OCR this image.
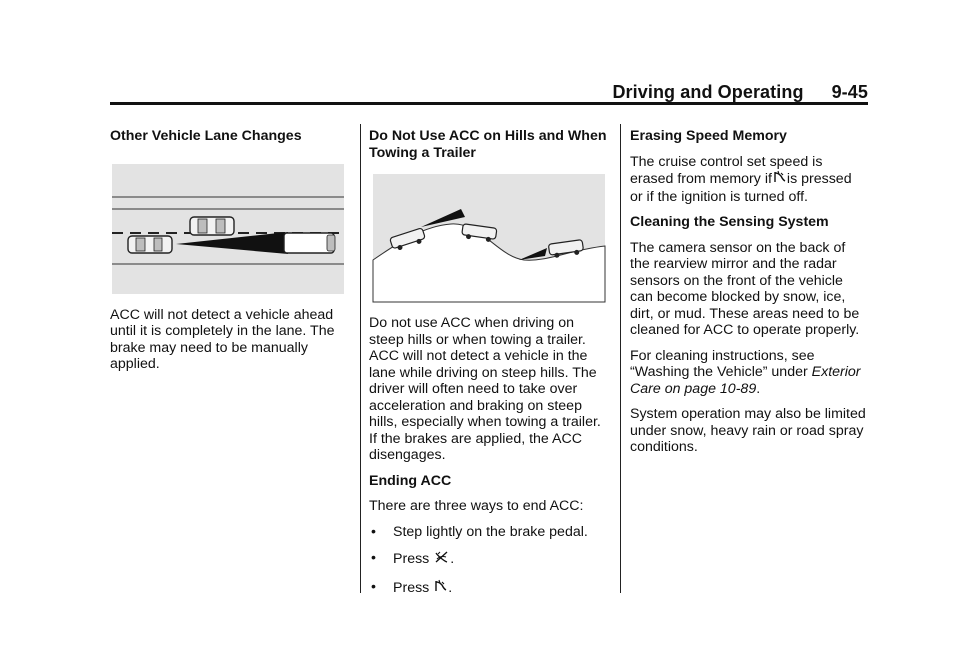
Driving and Operating 9-45
Other Vehicle Lane Changes

ACC will not detect a vehicle ahead until it is completely in the lane. The brake may need to be manually applied.

Do Not Use ACC on Hills and When Towing a Trailer

Do not use ACC when driving on steep hills or when towing a trailer. ACC will not detect a vehicle in the lane while driving on steep hills. The driver will often need to take over acceleration and braking on steep hills, especially when towing a trailer. If the brakes are applied, the ACC disengages.

Ending ACC

There are three ways to end ACC:

• Step lightly on the brake pedal.
• Press .
• Press .
Erasing Speed Memory

The cruise control set speed is erased from memory if is pressed or if the ignition is turned off.

Cleaning the Sensing System

The camera sensor on the back of the rearview mirror and the radar sensors on the front of the vehicle can become blocked by snow, ice, dirt, or mud. These areas need to be cleaned for ACC to operate properly.

For cleaning instructions, see “Washing the Vehicle” under Exterior Care on page 10-89.

System operation may also be limited under snow, heavy rain or road spray conditions.
